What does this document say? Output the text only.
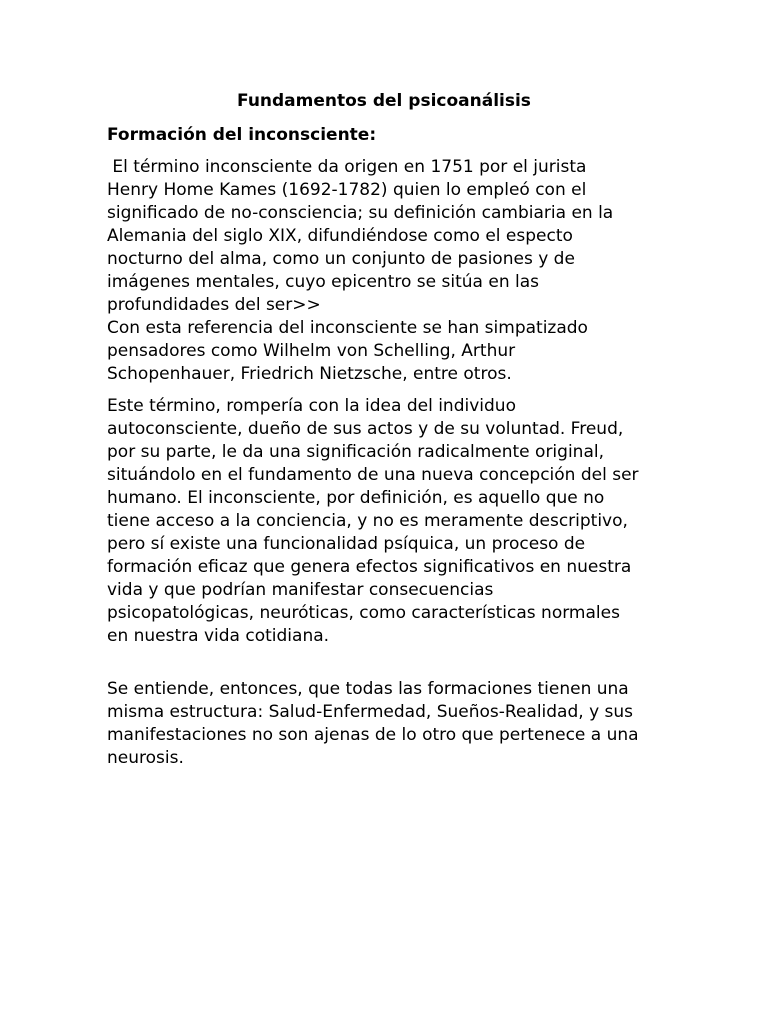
Fundamentos del psicoanálisis
Formación del inconsciente:

El término inconsciente da origen en 1751 por el jurista
Henry Home Kames (1692-1782) quien lo empleó con el
significado de no-consciencia; su definición cambiaria en la
Alemania del siglo XIX, difundiéndose como el especto
nocturno del alma, como un conjunto de pasiones y de
imágenes mentales, cuyo epicentro se sitúa en las
profundidades del ser>>

Con esta referencia del inconsciente se han simpatizado
pensadores como Wilhelm von Schelling, Arthur
Schopenhauer, Friedrich Nietzsche, entre otros.

Este término, rompería con la idea del individuo
autoconsciente, dueño de sus actos y de su voluntad. Freud,
por su parte, le da una significación radicalmente original,
situándolo en el fundamento de una nueva concepción del ser
humano. El inconsciente, por definición, es aquello que no
tiene acceso a la conciencia, y no es meramente descriptivo,
pero sí existe una funcionalidad psíquica, un proceso de
formación eficaz que genera efectos significativos en nuestra
vida y que podrían manifestar consecuencias
psicopatológicas, neuróticas, como características normales
en nuestra vida cotidiana.

Se entiende, entonces, que todas las formaciones tienen una
misma estructura: Salud-Enfermedad, Sueños-Realidad, y sus
manifestaciones no son ajenas de lo otro que pertenece a una
neurosis.
